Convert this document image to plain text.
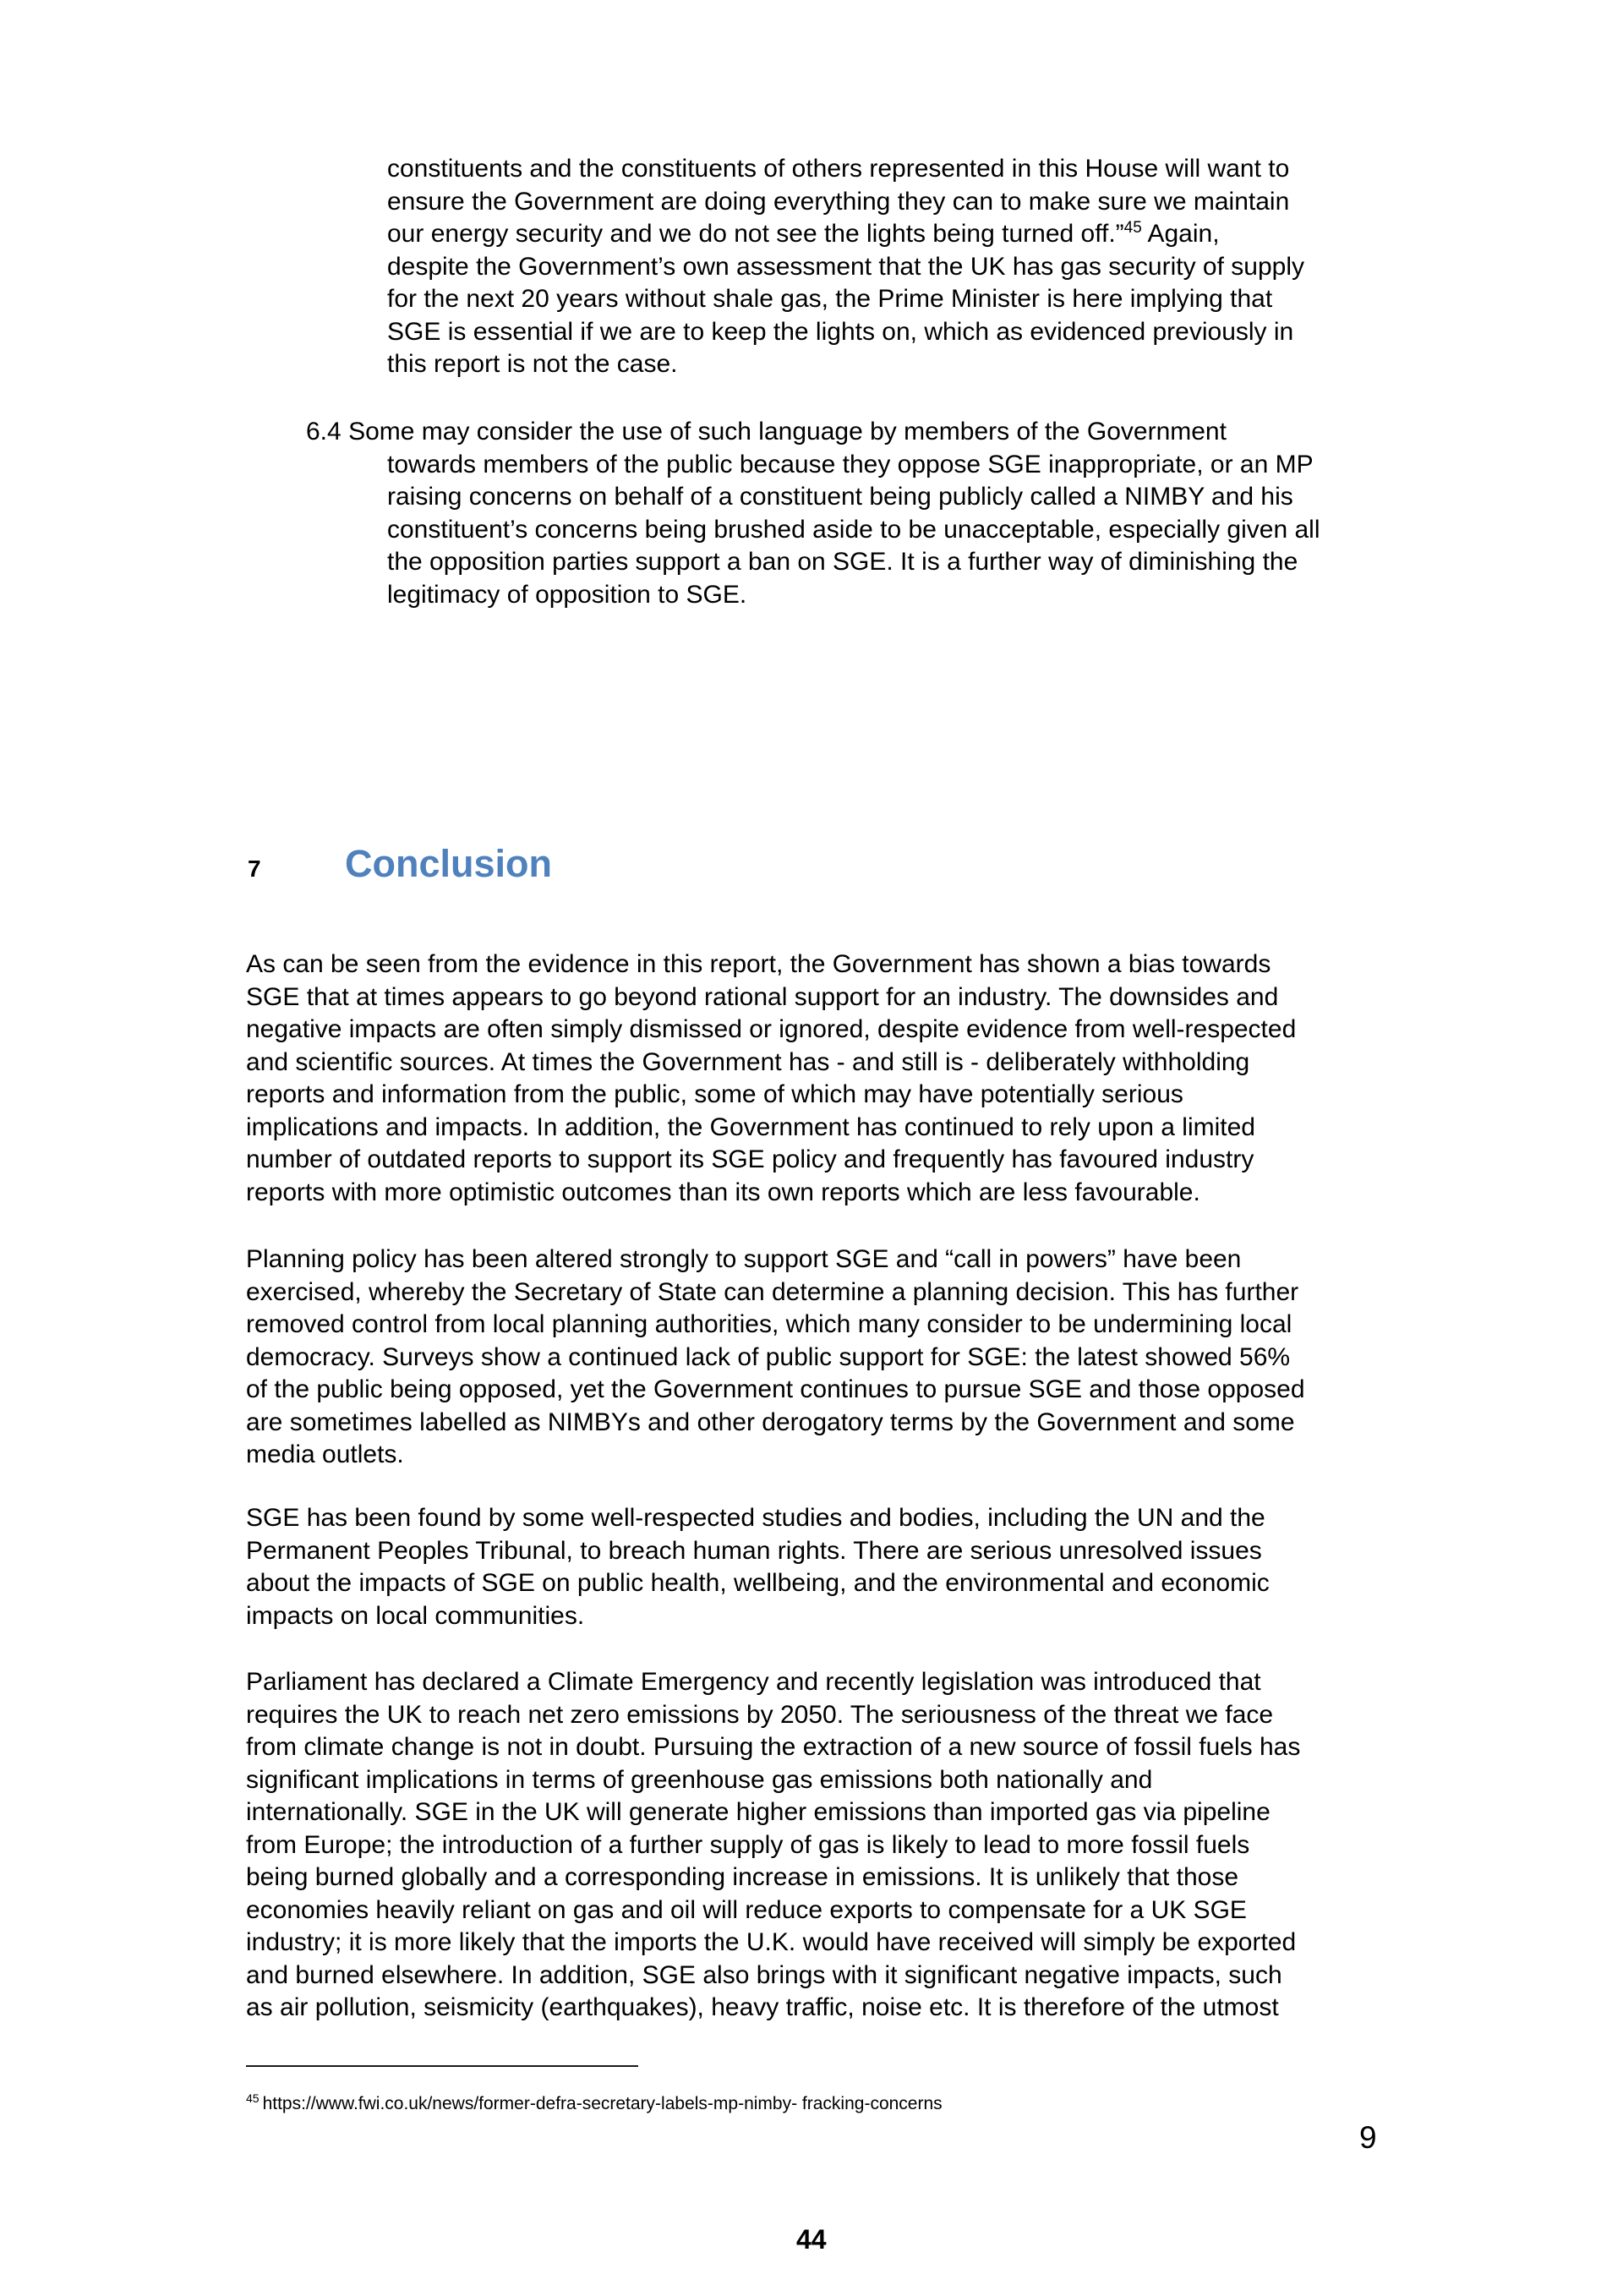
constituents and the constituents of others represented in this House will want to
ensure the Government are doing everything they can to make sure we maintain
our energy security and we do not see the lights being turned off.”$^{45}$ Again,
despite the Government’s own assessment that the UK has gas security of supply
for the next 20 years without shale gas, the Prime Minister is here implying that
SGE is essential if we are to keep the lights on, which as evidenced previously in
this report is not the case.
6.4 Some may consider the use of such language by members of the Government
towards members of the public because they oppose SGE inappropriate, or an MP
raising concerns on behalf of a constituent being publicly called a NIMBY and his
constituent’s concerns being brushed aside to be unacceptable, especially given all
the opposition parties support a ban on SGE. It is a further way of diminishing the
legitimacy of opposition to SGE.
7	Conclusion
As can be seen from the evidence in this report, the Government has shown a bias towards
SGE that at times appears to go beyond rational support for an industry. The downsides and
negative impacts are often simply dismissed or ignored, despite evidence from well-respected
and scientific sources. At times the Government has - and still is - deliberately withholding
reports and information from the public, some of which may have potentially serious
implications and impacts. In addition, the Government has continued to rely upon a limited
number of outdated reports to support its SGE policy and frequently has favoured industry
reports with more optimistic outcomes than its own reports which are less favourable.
Planning policy has been altered strongly to support SGE and “call in powers” have been
exercised, whereby the Secretary of State can determine a planning decision. This has further
removed control from local planning authorities, which many consider to be undermining local
democracy. Surveys show a continued lack of public support for SGE: the latest showed 56%
of the public being opposed, yet the Government continues to pursue SGE and those opposed
are sometimes labelled as NIMBYs and other derogatory terms by the Government and some
media outlets.
SGE has been found by some well-respected studies and bodies, including the UN and the
Permanent Peoples Tribunal, to breach human rights. There are serious unresolved issues
about the impacts of SGE on public health, wellbeing, and the environmental and economic
impacts on local communities.
Parliament has declared a Climate Emergency and recently legislation was introduced that
requires the UK to reach net zero emissions by 2050. The seriousness of the threat we face
from climate change is not in doubt. Pursuing the extraction of a new source of fossil fuels has
significant implications in terms of greenhouse gas emissions both nationally and
internationally. SGE in the UK will generate higher emissions than imported gas via pipeline
from Europe; the introduction of a further supply of gas is likely to lead to more fossil fuels
being burned globally and a corresponding increase in emissions. It is unlikely that those
economies heavily reliant on gas and oil will reduce exports to compensate for a UK SGE
industry; it is more likely that the imports the U.K. would have received will simply be exported
and burned elsewhere. In addition, SGE also brings with it significant negative impacts, such
as air pollution, seismicity (earthquakes), heavy traffic, noise etc. It is therefore of the utmost
$^{45}$ https://www.fwi.co.uk/news/former-defra-secretary-labels-mp-nimby- fracking-concerns
9
44
